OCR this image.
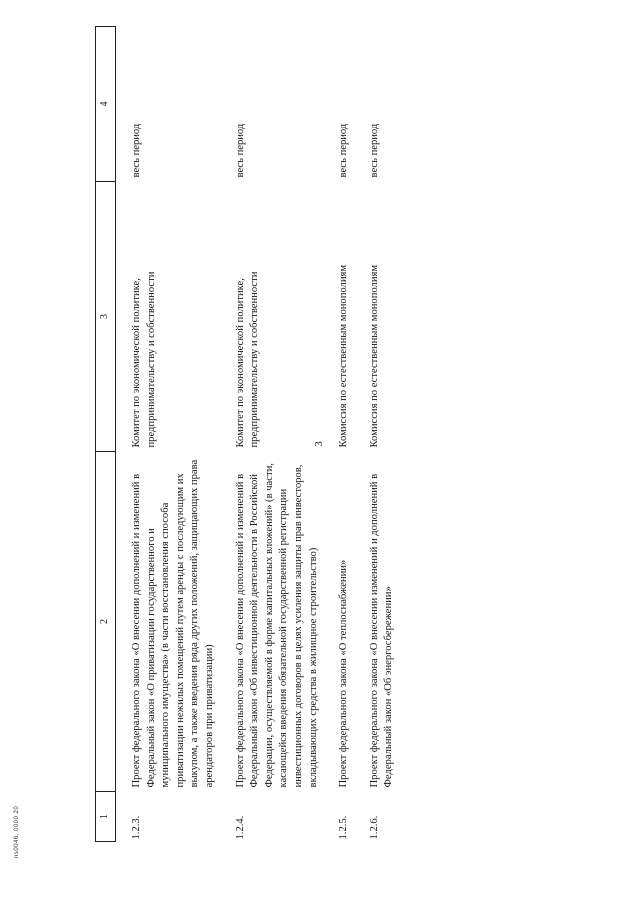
3
1	2	3	4
1.2.3.	Проект федерального закона «О внесении дополнений и изменений в Федеральный закон «О приватизации государственного и муниципального имущества» (в части восстановления способа приватизации нежилых помещений путем аренды с последующим их выкупом, а также введения ряда других положений, защищающих права арендаторов при приватизации)	Комитет по экономической политике, предпринимательству и собственности	весь период
1.2.4.	Проект федерального закона «О внесении дополнений и изменений в Федеральный закон «Об инвестиционной деятельности в Российской Федерации, осуществляемой в форме капитальных вложений» (в части, касающейся введения обязательной государственной регистрации инвестиционных договоров в целях усиления защиты прав инвесторов, вкладывающих средства в жилищное строительство)	Комитет по экономической политике, предпринимательству и собственности	весь период
1.2.5.	Проект федерального закона «О теплоснабжении»	Комиссия по естественным монополиям	весь период
1.2.6.	Проект федерального закона «О внесении изменений и дополнений в Федеральный закон «Об энергосбережении»	Комиссия по естественным монополиям	весь период
ns0046. 0000 20
